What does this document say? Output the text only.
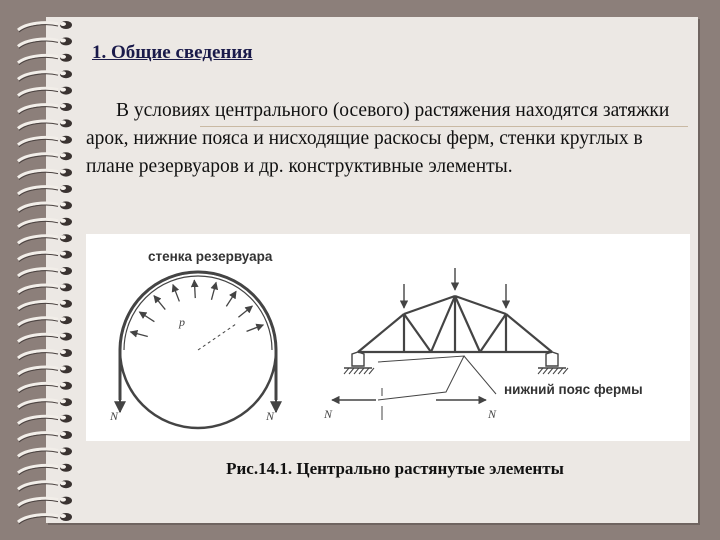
1. Общие сведения
В условиях центрального (осевого) растяжения находятся затяжки арок, нижние пояса и нисходящие раскосы ферм, стенки круглых в плане резервуаров и др. конструктивные элементы.
стенка резервуара
нижний пояс фермы
p
N	N	N	N
Рис.14.1. Центрально растянутые элементы
